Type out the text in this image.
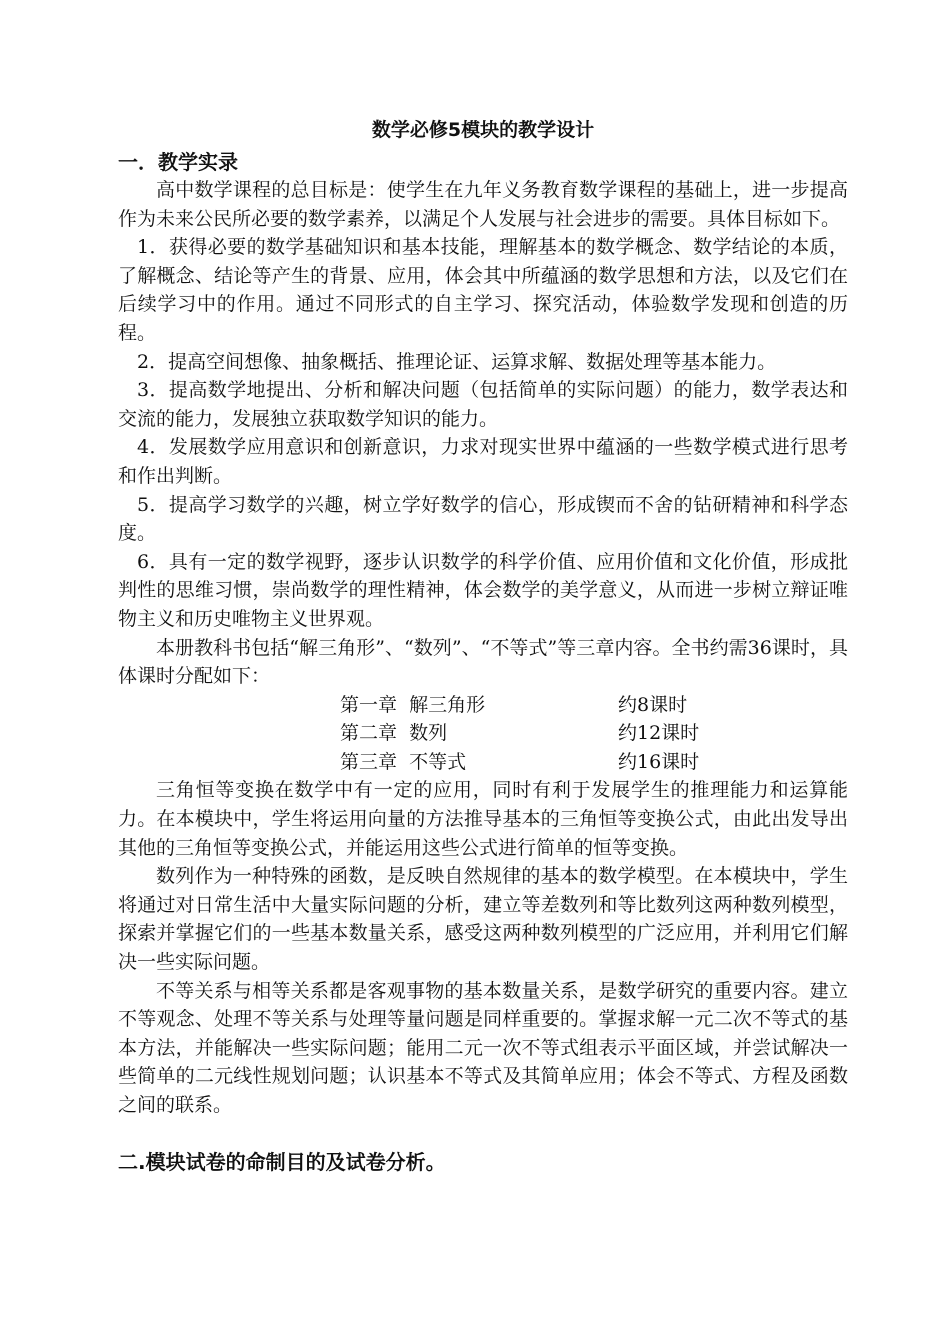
数学必修5模块的教学设计
一．教学实录

高中数学课程的总目标是：使学生在九年义务教育数学课程的基础上，进一步提高作为未来公民所必要的数学素养，以满足个人发展与社会进步的需要。具体目标如下。

1．获得必要的数学基础知识和基本技能，理解基本的数学概念、数学结论的本质，了解概念、结论等产生的背景、应用，体会其中所蕴涵的数学思想和方法，以及它们在后续学习中的作用。通过不同形式的自主学习、探究活动，体验数学发现和创造的历程。

2．提高空间想像、抽象概括、推理论证、运算求解、数据处理等基本能力。

3．提高数学地提出、分析和解决问题（包括简单的实际问题）的能力，数学表达和交流的能力，发展独立获取数学知识的能力。

4．发展数学应用意识和创新意识，力求对现实世界中蕴涵的一些数学模式进行思考和作出判断。

5．提高学习数学的兴趣，树立学好数学的信心，形成锲而不舍的钻研精神和科学态度。

6．具有一定的数学视野，逐步认识数学的科学价值、应用价值和文化价值，形成批判性的思维习惯，崇尚数学的理性精神，体会数学的美学意义，从而进一步树立辩证唯物主义和历史唯物主义世界观。

本册教科书包括“解三角形”、“数列”、“不等式”等三章内容。全书约需36课时，具体课时分配如下：

第一章  解三角形	约8课时
第二章  数列	约12课时
第三章  不等式	约16课时

三角恒等变换在数学中有一定的应用，同时有利于发展学生的推理能力和运算能力。在本模块中，学生将运用向量的方法推导基本的三角恒等变换公式，由此出发导出其他的三角恒等变换公式，并能运用这些公式进行简单的恒等变换。

数列作为一种特殊的函数，是反映自然规律的基本的数学模型。在本模块中，学生将通过对日常生活中大量实际问题的分析，建立等差数列和等比数列这两种数列模型，探索并掌握它们的一些基本数量关系，感受这两种数列模型的广泛应用，并利用它们解决一些实际问题。

不等关系与相等关系都是客观事物的基本数量关系，是数学研究的重要内容。建立不等观念、处理不等关系与处理等量问题是同样重要的。掌握求解一元二次不等式的基本方法，并能解决一些实际问题；能用二元一次不等式组表示平面区域，并尝试解决一些简单的二元线性规划问题；认识基本不等式及其简单应用；体会不等式、方程及函数之间的联系。

二.模块试卷的命制目的及试卷分析。
